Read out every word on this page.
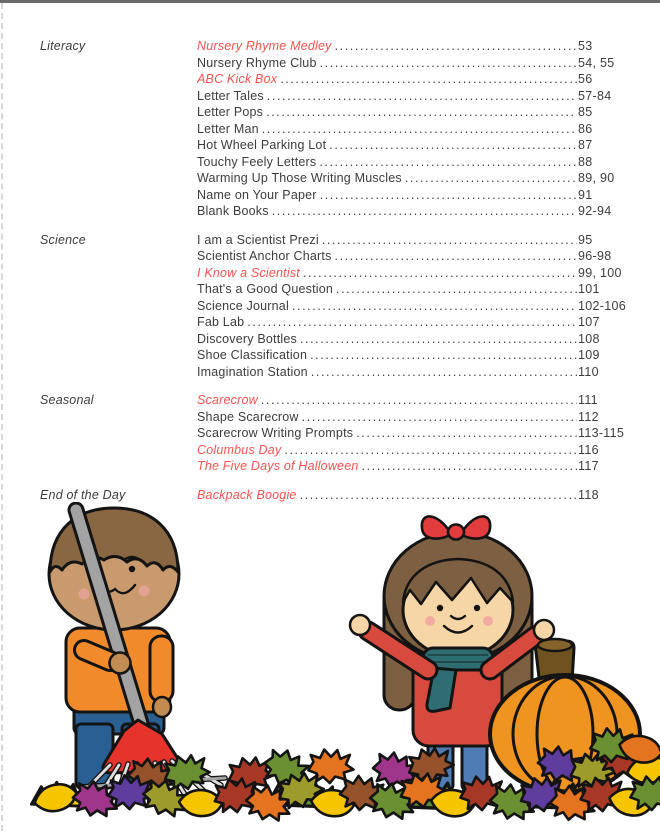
Literacy	Nursery Rhyme Medley .....	53
Nursery Rhyme Club .....	54, 55
ABC Kick Box .....	56
Letter Tales .....	57-84
Letter Pops .....	85
Letter Man .....	86
Hot Wheel Parking Lot .....	87
Touchy Feely Letters .....	88
Warming Up Those Writing Muscles .....	89, 90
Name on Your Paper .....	91
Blank Books .....	92-94
Science	I am a Scientist Prezi .....	95
Scientist Anchor Charts .....	96-98
I Know a Scientist .....	99, 100
That's a Good Question .....	101
Science Journal .....	102-106
Fab Lab .....	107
Discovery Bottles .....	108
Shoe Classification .....	109
Imagination Station .....	110
Seasonal	Scarecrow .....	111
Shape Scarecrow .....	112
Scarecrow Writing Prompts .....	113-115
Columbus Day .....	116
The Five Days of Halloween .....	117
End of the Day	Backpack Boogie .....	118
